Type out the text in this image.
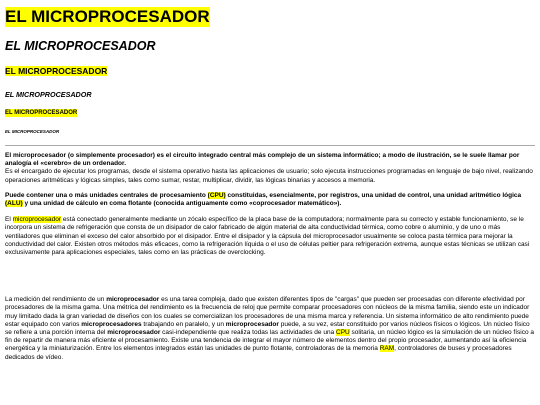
EL MICROPROCESADOR
EL MICROPROCESADOR
EL MICROPROCESADOR
EL MICROPROCESADOR
EL MICROPROCESADOR
EL MICROPROCESADOR

El microprocesador (o simplemente procesador) es el circuito integrado central más complejo de un sistema informático; a modo de ilustración, se le suele llamar por analogía el «cerebro» de un ordenador.
Es el encargado de ejecutar los programas, desde el sistema operativo hasta las aplicaciones de usuario; solo ejecuta instrucciones programadas en lenguaje de bajo nivel, realizando operaciones aritméticas y lógicas simples, tales como sumar, restar, multiplicar, dividir, las lógicas binarias y accesos a memoria.

Puede contener una o más unidades centrales de procesamiento (CPU) constituidas, esencialmente, por registros, una unidad de control, una unidad aritmético lógica (ALU) y una unidad de cálculo en coma flotante (conocida antiguamente como «coprocesador matemático»).

El microprocesador está conectado generalmente mediante un zócalo específico de la placa base de la computadora; normalmente para su correcto y estable funcionamiento, se le incorpora un sistema de refrigeración que consta de un disipador de calor fabricado de algún material de alta conductividad térmica, como cobre o aluminio, y de uno o más ventiladores que eliminan el exceso del calor absorbido por el disipador. Entre el disipador y la cápsula del microprocesador usualmente se coloca pasta térmica para mejorar la conductividad del calor. Existen otros métodos más eficaces, como la refrigeración líquida o el uso de células peltier para refrigeración extrema, aunque estas técnicas se utilizan casi exclusivamente para aplicaciones especiales, tales como en las prácticas de overclocking.

La medición del rendimiento de un microprocesador es una tarea compleja, dado que existen diferentes tipos de "cargas" que pueden ser procesadas con diferente efectividad por procesadores de la misma gama. Una métrica del rendimiento es la frecuencia de reloj que permite comparar procesadores con núcleos de la misma familia, siendo este un indicador muy limitado dada la gran variedad de diseños con los cuales se comercializan los procesadores de una misma marca y referencia. Un sistema informático de alto rendimiento puede estar equipado con varios microprocesadores trabajando en paralelo, y un microprocesador puede, a su vez, estar constituido por varios núcleos físicos o lógicos. Un núcleo físico se refiere a una porción interna del microprocesador casi-independiente que realiza todas las actividades de una CPU solitaria, un núcleo lógico es la simulación de un núcleo físico a fin de repartir de manera más eficiente el procesamiento. Existe una tendencia de integrar el mayor número de elementos dentro del propio procesador, aumentando así la eficiencia energética y la miniaturización. Entre los elementos integrados están las unidades de punto flotante, controladoras de la memoria RAM, controladores de buses y procesadores dedicados de vídeo.
